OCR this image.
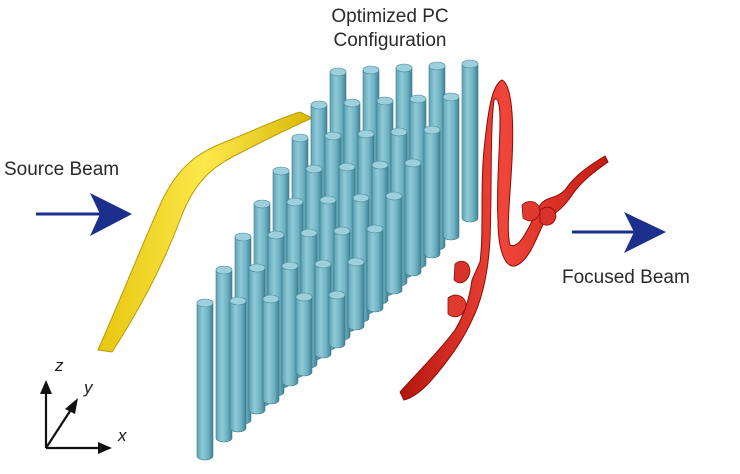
Optimized PC
Configuration
Source Beam
Focused Beam
z
y
x
